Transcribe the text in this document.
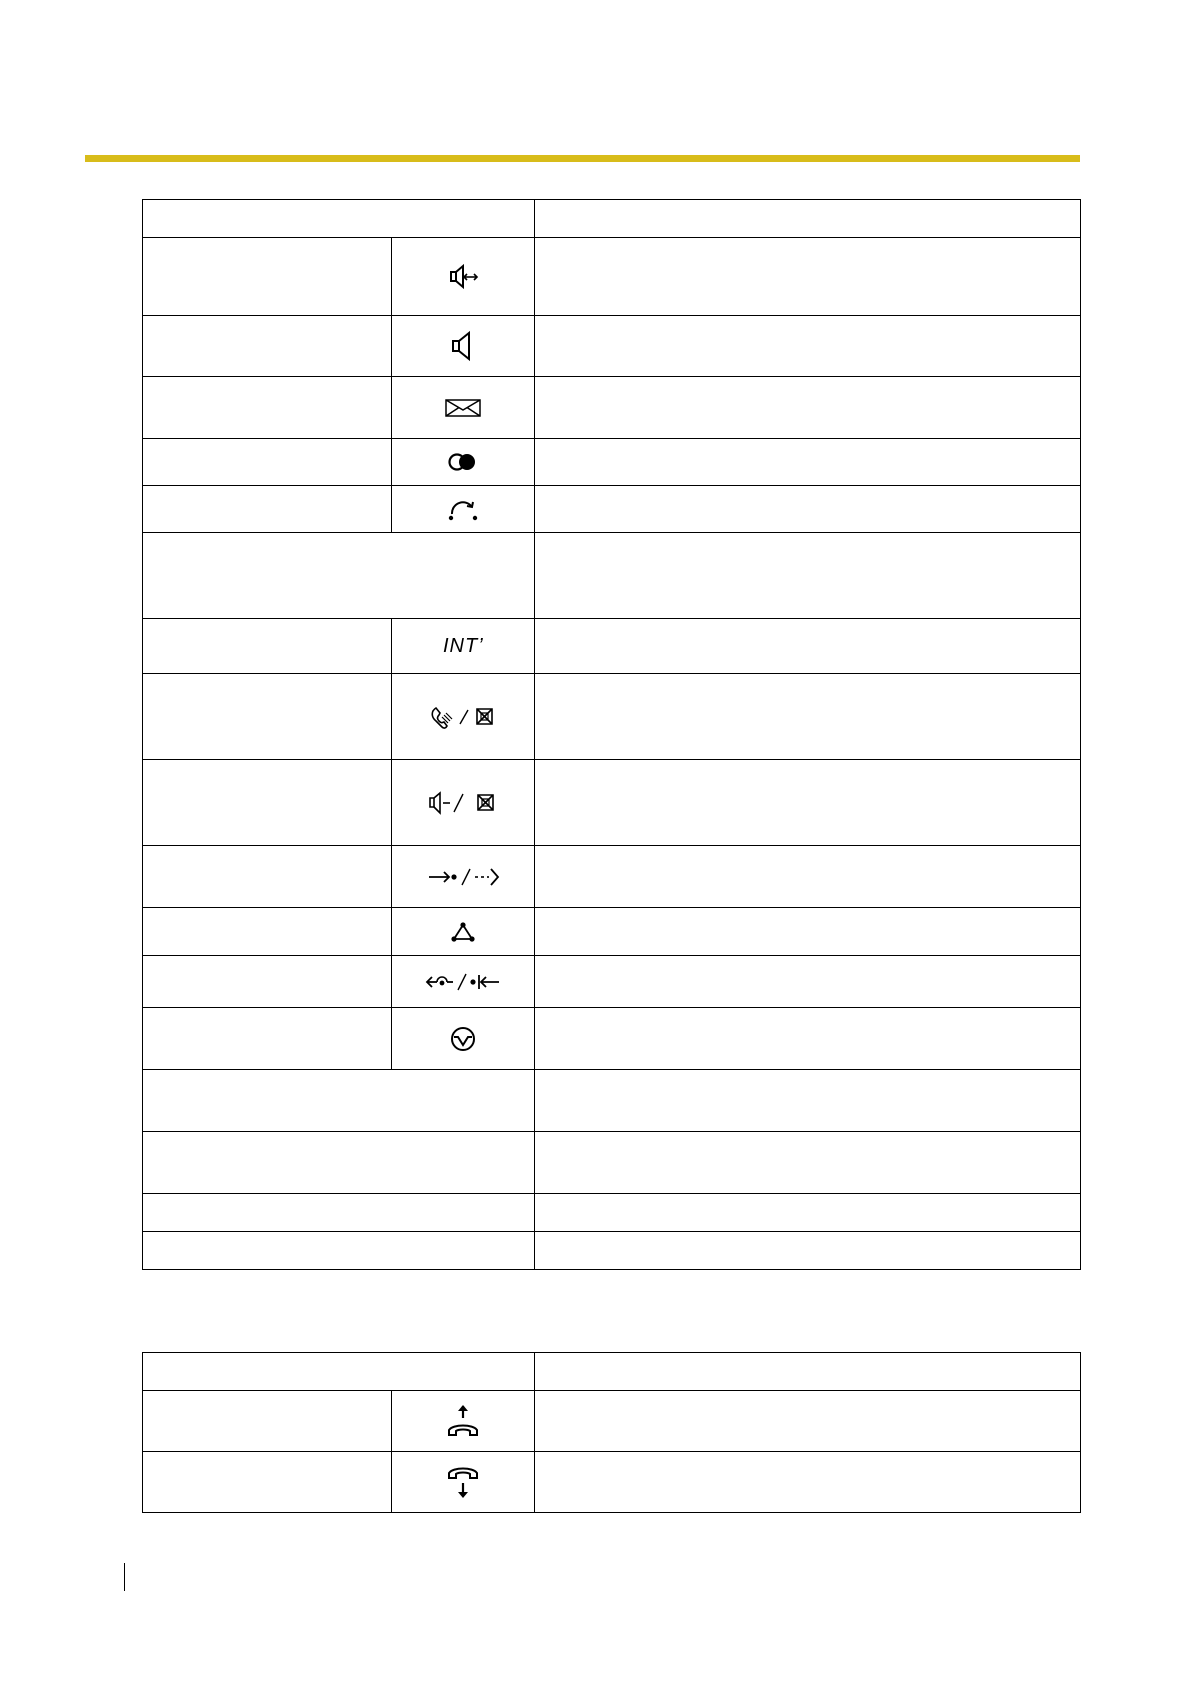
	INT’	
